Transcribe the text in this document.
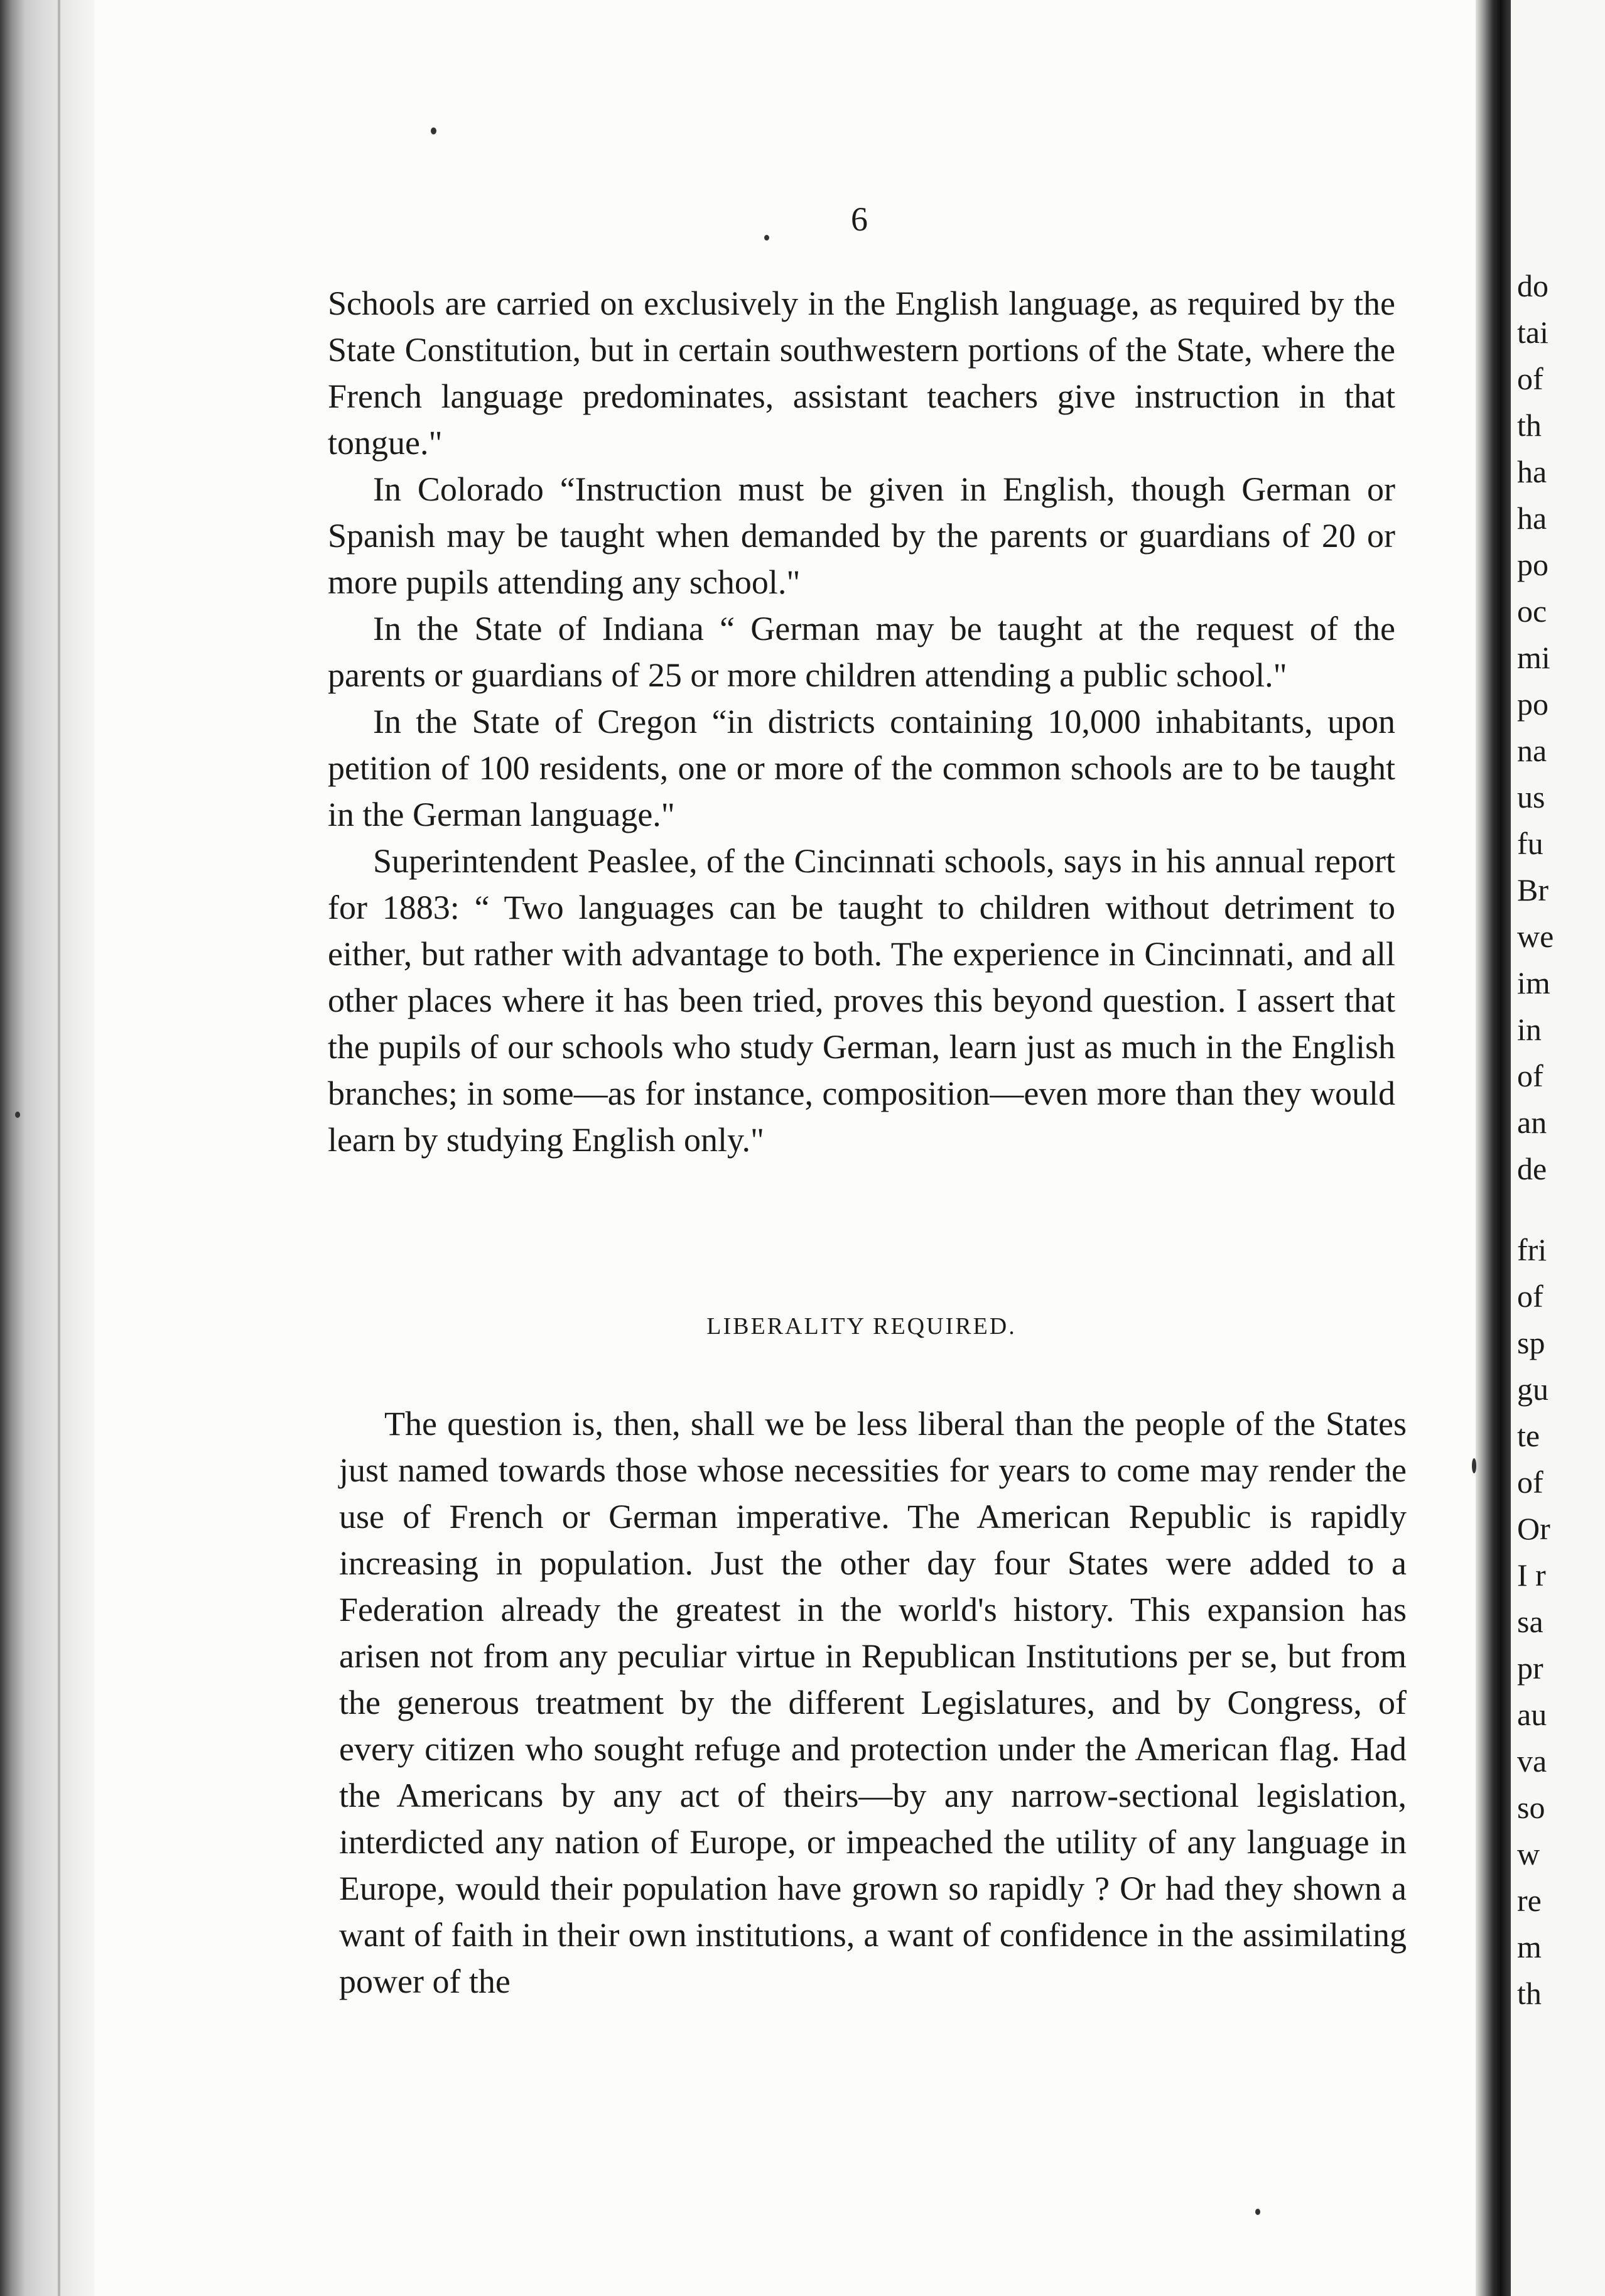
6

Schools are carried on exclusively in the English language, as required by the State Constitution, but in certain southwestern portions of the State, where the French language predominates, assistant teachers give instruction in that tongue."

In Colorado “Instruction must be given in English, though German or Spanish may be taught when demanded by the parents or guardians of 20 or more pupils attending any school."

In the State of Indiana “ German may be taught at the request of the parents or guardians of 25 or more children attending a public school."

In the State of Cregon “in districts containing 10,000 inhabitants, upon petition of 100 residents, one or more of the common schools are to be taught in the German language."

Superintendent Peaslee, of the Cincinnati schools, says in his annual report for 1883: “ Two languages can be taught to children without detriment to either, but rather with advantage to both. The experience in Cincinnati, and all other places where it has been tried, proves this beyond question. I assert that the pupils of our schools who study German, learn just as much in the English branches; in some—as for instance, composition—even more than they would learn by studying English only."

LIBERALITY REQUIRED.

The question is, then, shall we be less liberal than the people of the States just named towards those whose necessities for years to come may render the use of French or German imperative. The American Republic is rapidly increasing in population. Just the other day four States were added to a Federation already the greatest in the world's history. This expansion has arisen not from any peculiar virtue in Republican Institutions per se, but from the generous treatment by the different Legislatures, and by Congress, of every citizen who sought refuge and protection under the American flag. Had the Americans by any act of theirs—by any narrow-sectional legislation, interdicted any nation of Europe, or impeached the utility of any language in Europe, would their population have grown so rapidly ? Or had they shown a want of faith in their own institutions, a want of confidence in the assimilating power of the

do
tai
of
th
ha
ha
po
oc
mi
po
na
us
fu
Br
we
im
in
of
an
de
fri
of
sp
gu
te
of
Or
I r
sa
pr
au
va
so
w
re
m
th
